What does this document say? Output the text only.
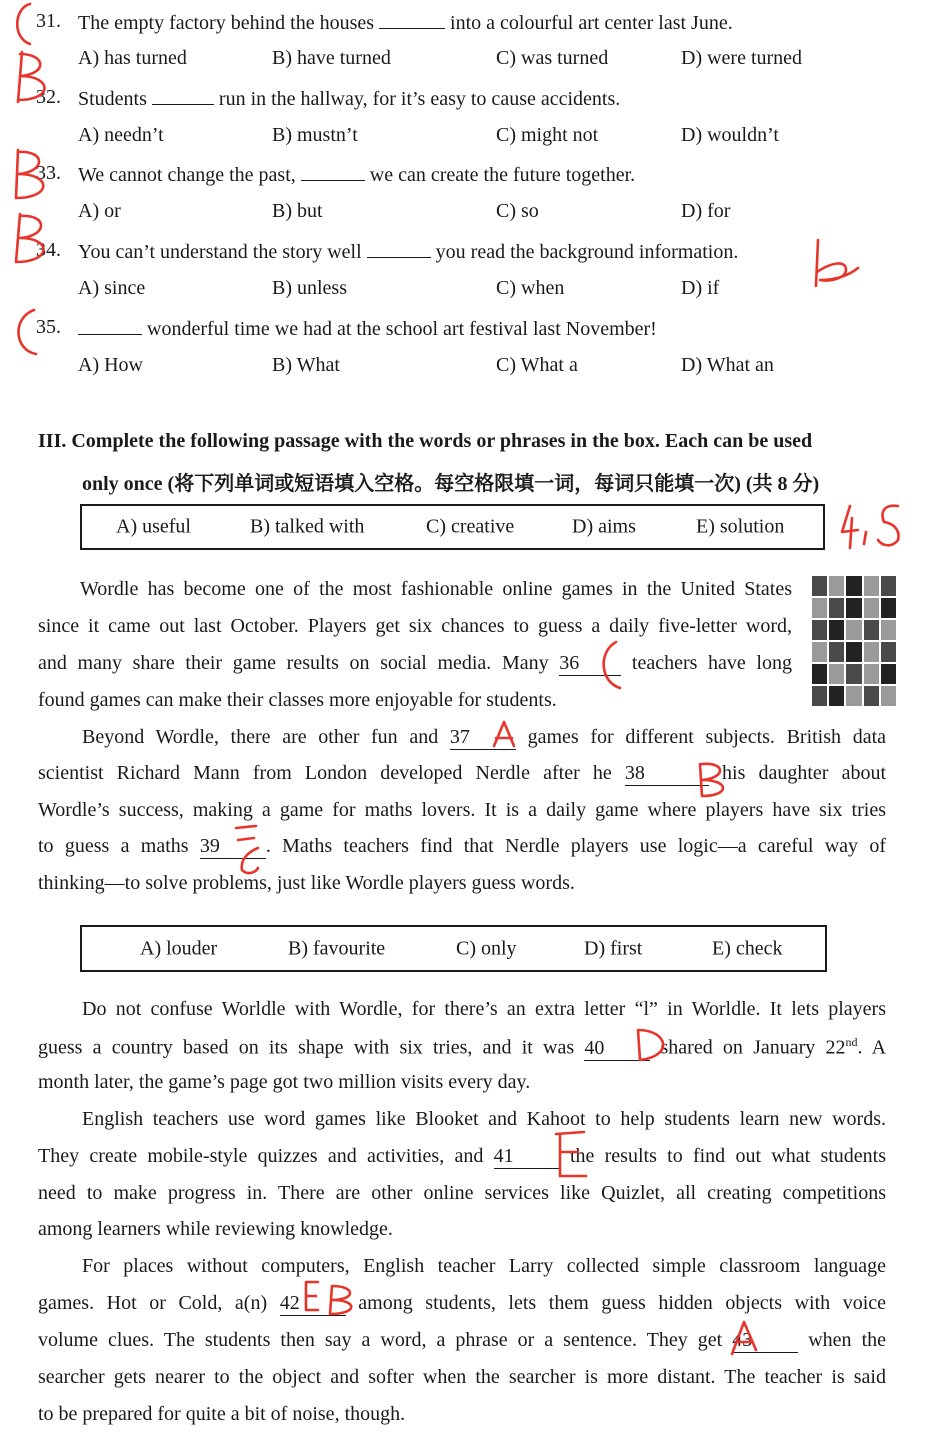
31. The empty factory behind the houses	into a colourful art center last June.
A) has turned	B) have turned	C) was turned	D) were turned
32. Students	run in the hallway, for it’s easy to cause accidents.
A) needn’t	B) mustn’t	C) might not	D) wouldn’t
33. We cannot change the past,	we can create the future together.
A) or	B) but	C) so	D) for
34. You can’t understand the story well	you read the background information.
A) since	B) unless	C) when	D) if
35.	wonderful time we had at the school art festival last November!
A) How	B) What	C) What a	D) What an
III. Complete the following passage with the words or phrases in the box. Each can be used
only once (将下列单词或短语填入空格。每空格限填一词，每词只能填一次) (共 8 分)
A) useful	B) talked with	C) creative	D) aims	E) solution
Wordle has become one of the most fashionable online games in the United States
since it came out last October. Players get six chances to guess a daily five-letter word,
and many share their game results on social media. Many 36	teachers have long
found games can make their classes more enjoyable for students.
Beyond Wordle, there are other fun and 37	games for different subjects. British data
scientist Richard Mann from London developed Nerdle after he 38	his daughter about
Wordle’s success, making a game for maths lovers. It is a daily game where players have six tries
to guess a maths 39 . Maths teachers find that Nerdle players use logic—a careful way of
thinking—to solve problems, just like Wordle players guess words.
A) louder	B) favourite	C) only	D) first	E) check
Do not confuse Worldle with Wordle, for there’s an extra letter “l” in Worldle. It lets players
guess a country based on its shape with six tries, and it was 40	shared on January 22nd. A
month later, the game’s page got two million visits every day.
English teachers use word games like Blooket and Kahoot to help students learn new words.
They create mobile-style quizzes and activities, and 41	the results to find out what students
need to make progress in. There are other online services like Quizlet, all creating competitions
among learners while reviewing knowledge.
For places without computers, English teacher Larry collected simple classroom language
games. Hot or Cold, a(n) 42	among students, lets them guess hidden objects with voice
volume clues. The students then say a word, a phrase or a sentence. They get 43	when the
searcher gets nearer to the object and softer when the searcher is more distant. The teacher is said
to be prepared for quite a bit of noise, though.
